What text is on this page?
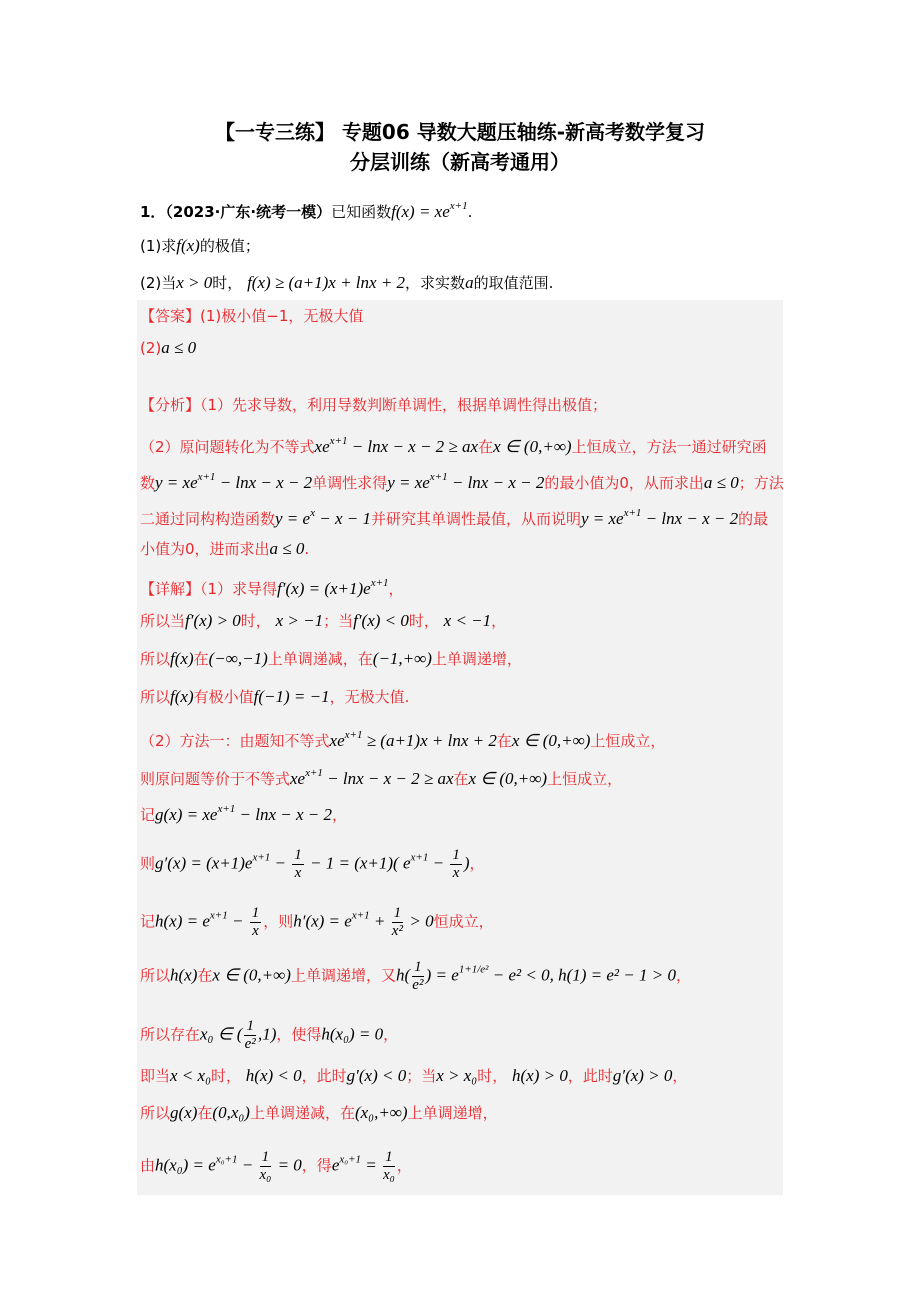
【一专三练】 专题06 导数大题压轴练-新高考数学复习
分层训练（新高考通用）
1．（2023·广东·统考一模）已知函数$f(x) = xe^{x+1}$.
(1)求f(x)的极值；
(2)当x > 0时， f(x) ≥ (a+1)x + lnx + 2，求实数a的取值范围.
【答案】(1)极小值−1，无极大值
(2)a ≤ 0
【分析】（1）先求导数，利用导数判断单调性，根据单调性得出极值；
（2）原问题转化为不等式$xe^{x+1} - \ln x - x - 2$ ≥ ax在x ∈ (0,+∞)上恒成立，方法一通过研究函
数$y = xe^{x+1} - \ln x - x - 2$单调性求得$y = xe^{x+1} - \ln x - x - 2$的最小值为0，从而求出a ≤ 0；方法
二通过同构构造函数$y = e^x - x - 1$并研究其单调性最值，从而说明$y = xe^{x+1} - \ln x - x - 2$的最
小值为0，进而求出a ≤ 0.
【详解】（1）求导得$f'(x) = (x+1)e^{x+1}$，
所以当f′(x) > 0时， x > −1；当f′(x) < 0时， x < −1，
所以f(x)在(−∞,−1)上单调递减，在(−1,+∞)上单调递增，
所以f(x)有极小值f(−1) = −1，无极大值.
（2）方法一：由题知不等式$xe^{x+1} \ge (a+1)x + \ln x + 2$在x ∈ (0,+∞)上恒成立，
则原问题等价于不等式$xe^{x+1} - \ln x - x - 2$ ≥ ax在x ∈ (0,+∞)上恒成立，
记$g(x) = xe^{x+1} - \ln x - x - 2$，
则$g'(x) = (x+1)e^{x+1} - \frac{1}{x} - 1 = (x+1)$( $e^{x+1} - \frac{1}{x}$ )，
记$h(x) = e^{x+1} - \frac{1}{x}$ ，则$h'(x) = e^{x+1} + \frac{1}{\text{x²}} > 0$恒成立，
所以h(x)在x ∈ (0,+∞)上单调递增，又$h( \frac{1}{\text{e²}}$ ) = $e^{1+1/e^2} - e^2 < 0$, h(1) = e² − 1 > 0，
所以存在x₀ ∈ ( $\frac{1}{\text{e²}} ,1$)，使得h(x₀) = 0，
即当x < x₀时， h(x) < 0，此时g′(x) < 0；当x > x₀时， h(x) > 0，此时g′(x) > 0，
所以g(x)在(0,x₀)上单调递减，在(x₀,+∞)上单调递增，
由$h(x_0) = e^{x_0+1} - \frac{1}{\text{x₀}} = 0$，得$e^{x_0+1} = \frac{1}{\text{x₀}}$ ，
